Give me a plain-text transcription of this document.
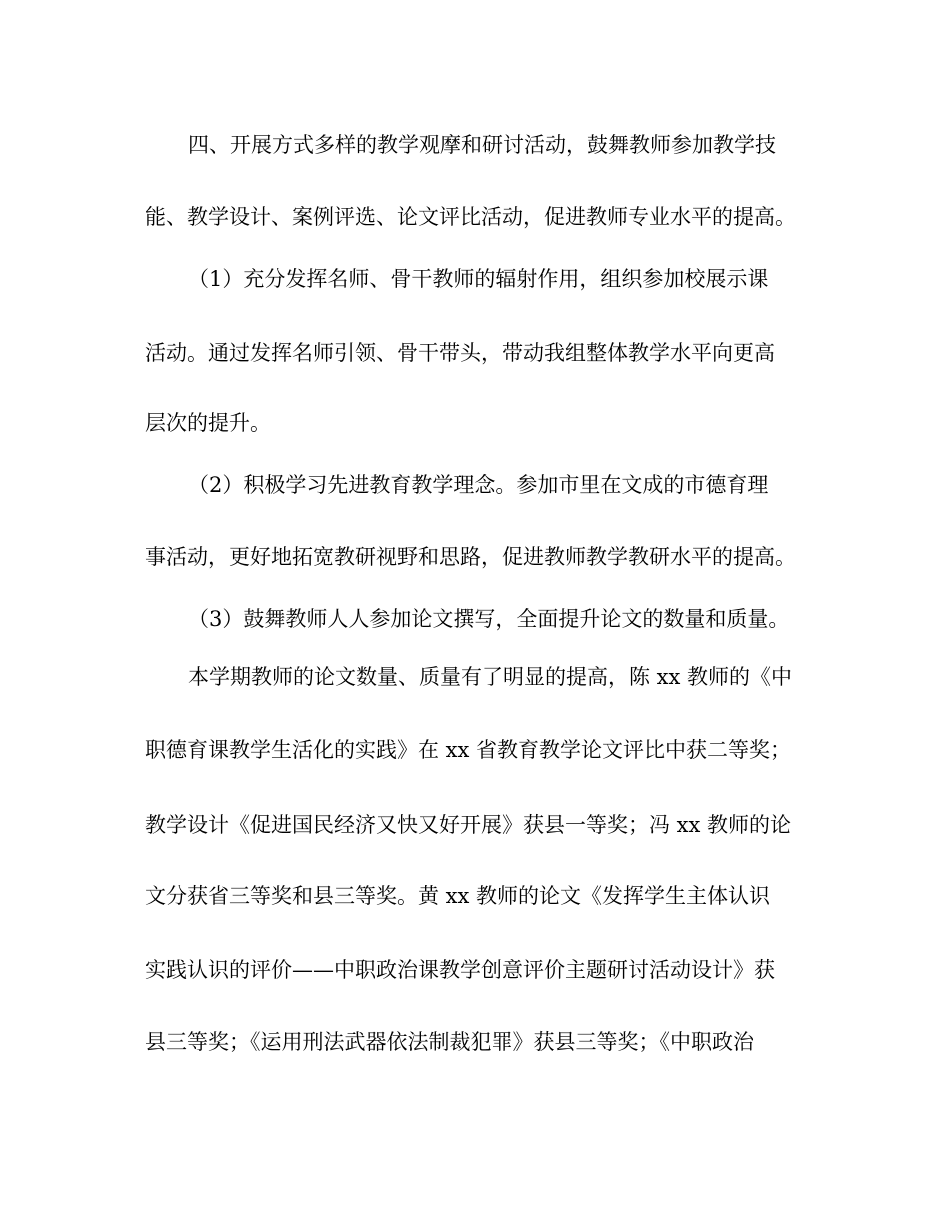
四、开展方式多样的教学观摩和研讨活动，鼓舞教师参加教学技
能、教学设计、案例评选、论文评比活动，促进教师专业水平的提高。
（1）充分发挥名师、骨干教师的辐射作用，组织参加校展示课
活动。通过发挥名师引领、骨干带头，带动我组整体教学水平向更高
层次的提升。
（2）积极学习先进教育教学理念。参加市里在文成的市德育理
事活动，更好地拓宽教研视野和思路，促进教师教学教研水平的提高。
（3）鼓舞教师人人参加论文撰写，全面提升论文的数量和质量。
本学期教师的论文数量、质量有了明显的提高，陈 xx 教师的《中
职德育课教学生活化的实践》在 xx 省教育教学论文评比中获二等奖；
教学设计《促进国民经济又快又好开展》获县一等奖；冯 xx 教师的论
文分获省三等奖和县三等奖。黄 xx 教师的论文《发挥学生主体认识
实践认识的评价——中职政治课教学创意评价主题研讨活动设计》获
县三等奖；《运用刑法武器依法制裁犯罪》获县三等奖；《中职政治
